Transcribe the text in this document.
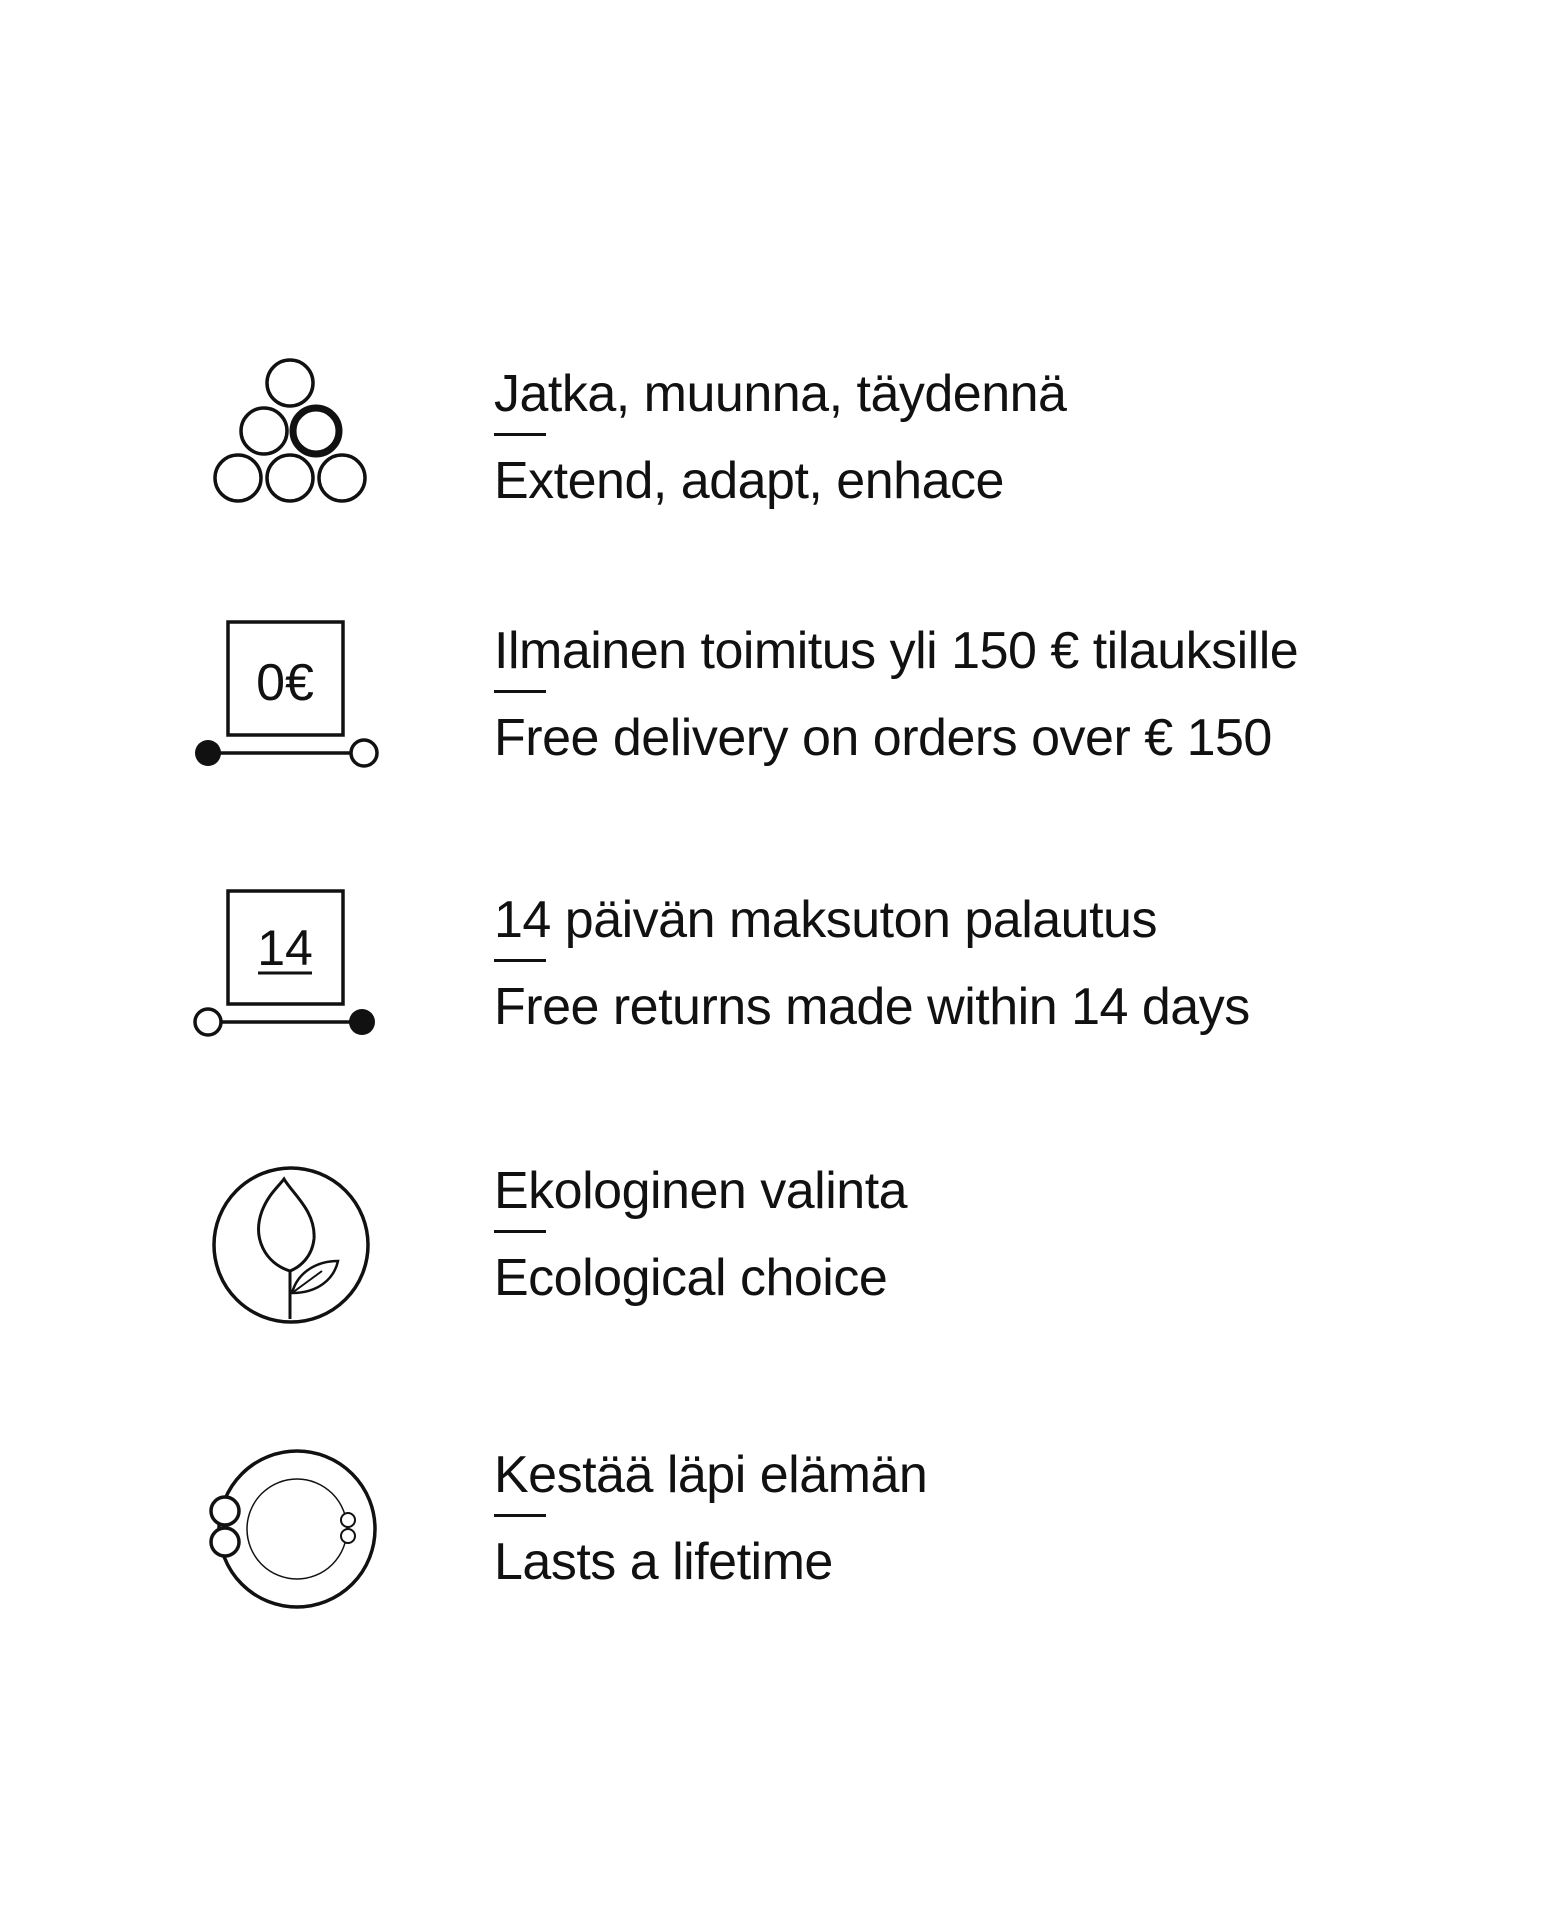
Jatka, muunna, täydennä
Extend, adapt, enhace
0€
Ilmainen toimitus yli 150 € tilauksille
Free delivery on orders over € 150
14	14 päivän maksuton palautus
Free returns made within 14 days
Ekologinen valinta
Ecological choice
Kestää läpi elämän
Lasts a lifetime
